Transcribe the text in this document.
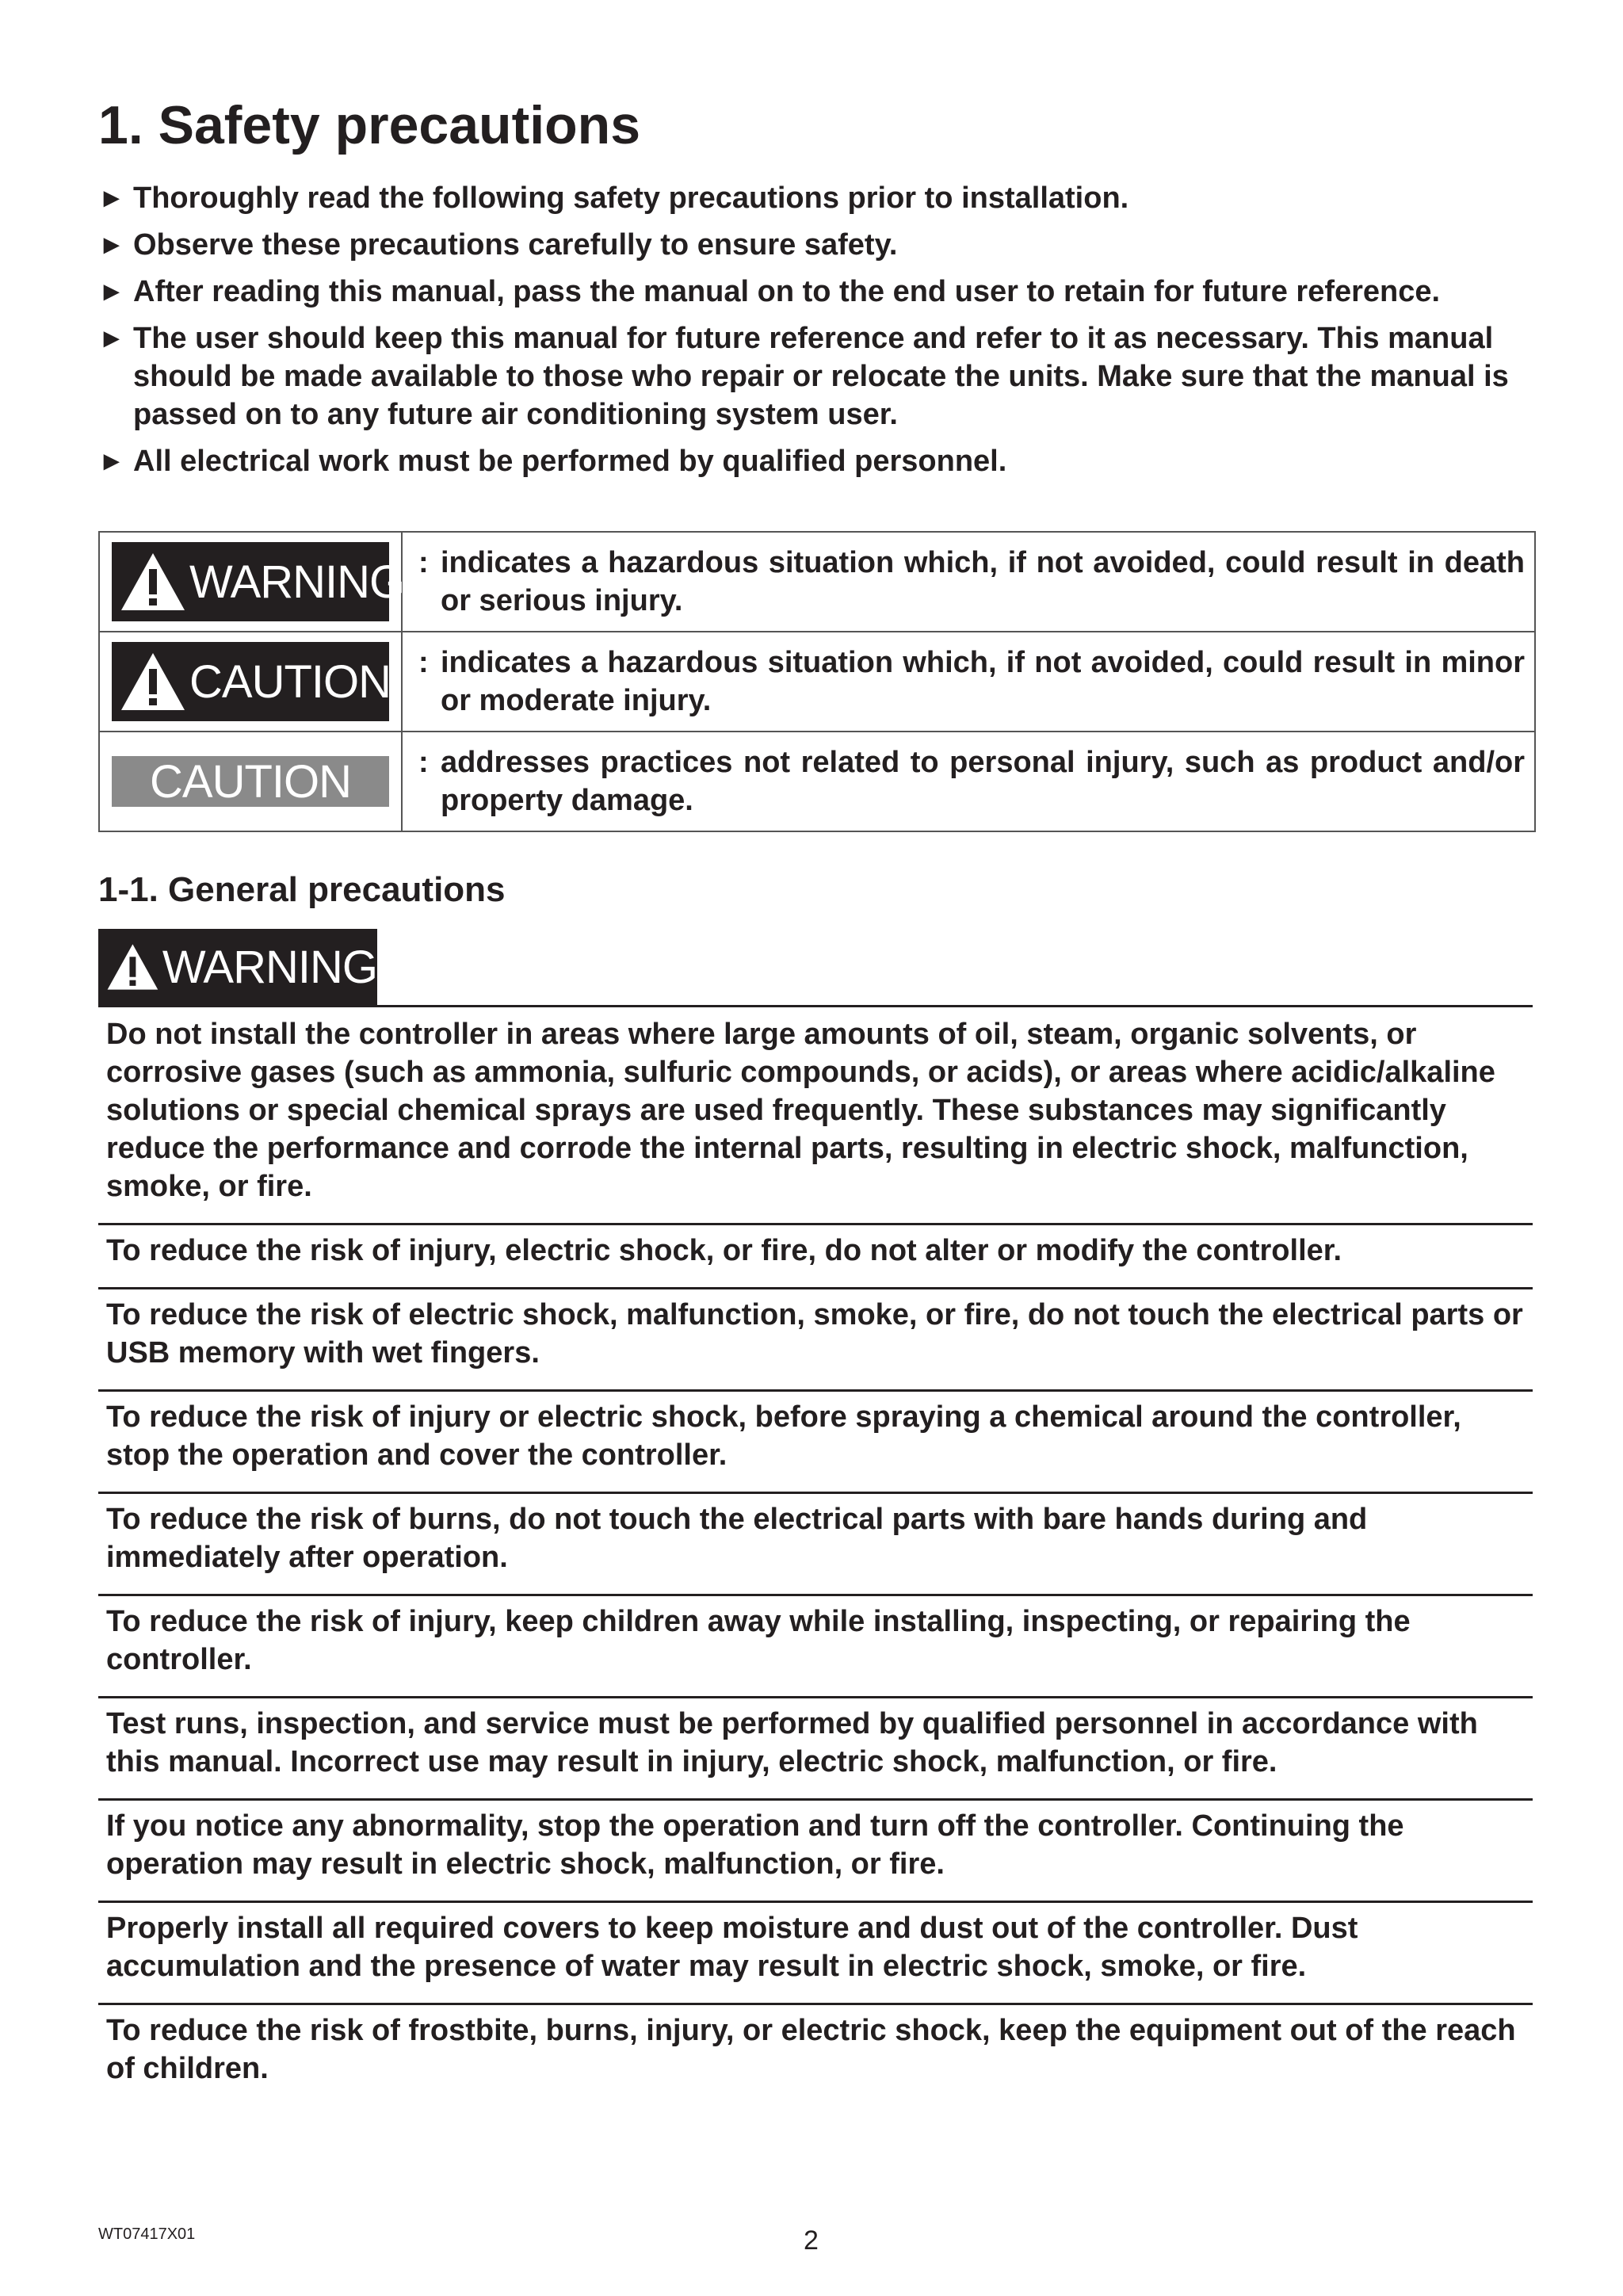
1. Safety precautions
► Thoroughly read the following safety precautions prior to installation.
► Observe these precautions carefully to ensure safety.
► After reading this manual, pass the manual on to the end user to retain for future reference.
► The user should keep this manual for future reference and refer to it as necessary. This manual should be made available to those who repair or relocate the units. Make sure that the manual is passed on to any future air conditioning system user.
► All electrical work must be performed by qualified personnel.
WARNING : indicates a hazardous situation which, if not avoided, could result in death or serious injury.
CAUTION : indicates a hazardous situation which, if not avoided, could result in minor or moderate injury.
CAUTION	: addresses practices not related to personal injury, such as product and/or property damage.
1-1. General precautions
WARNING
Do not install the controller in areas where large amounts of oil, steam, organic solvents, or corrosive gases (such as ammonia, sulfuric compounds, or acids), or areas where acidic/alkaline solutions or special chemical sprays are used frequently. These substances may significantly reduce the performance and corrode the internal parts, resulting in electric shock, malfunction, smoke, or fire.
To reduce the risk of injury, electric shock, or fire, do not alter or modify the controller.
To reduce the risk of electric shock, malfunction, smoke, or fire, do not touch the electrical parts or USB memory with wet fingers.
To reduce the risk of injury or electric shock, before spraying a chemical around the controller, stop the operation and cover the controller.
To reduce the risk of burns, do not touch the electrical parts with bare hands during and immediately after operation.
To reduce the risk of injury, keep children away while installing, inspecting, or repairing the controller.
Test runs, inspection, and service must be performed by qualified personnel in accordance with this manual. Incorrect use may result in injury, electric shock, malfunction, or fire.
If you notice any abnormality, stop the operation and turn off the controller. Continuing the operation may result in electric shock, malfunction, or fire.
Properly install all required covers to keep moisture and dust out of the controller. Dust accumulation and the presence of water may result in electric shock, smoke, or fire.
To reduce the risk of frostbite, burns, injury, or electric shock, keep the equipment out of the reach of children.
WT07417X01	2
